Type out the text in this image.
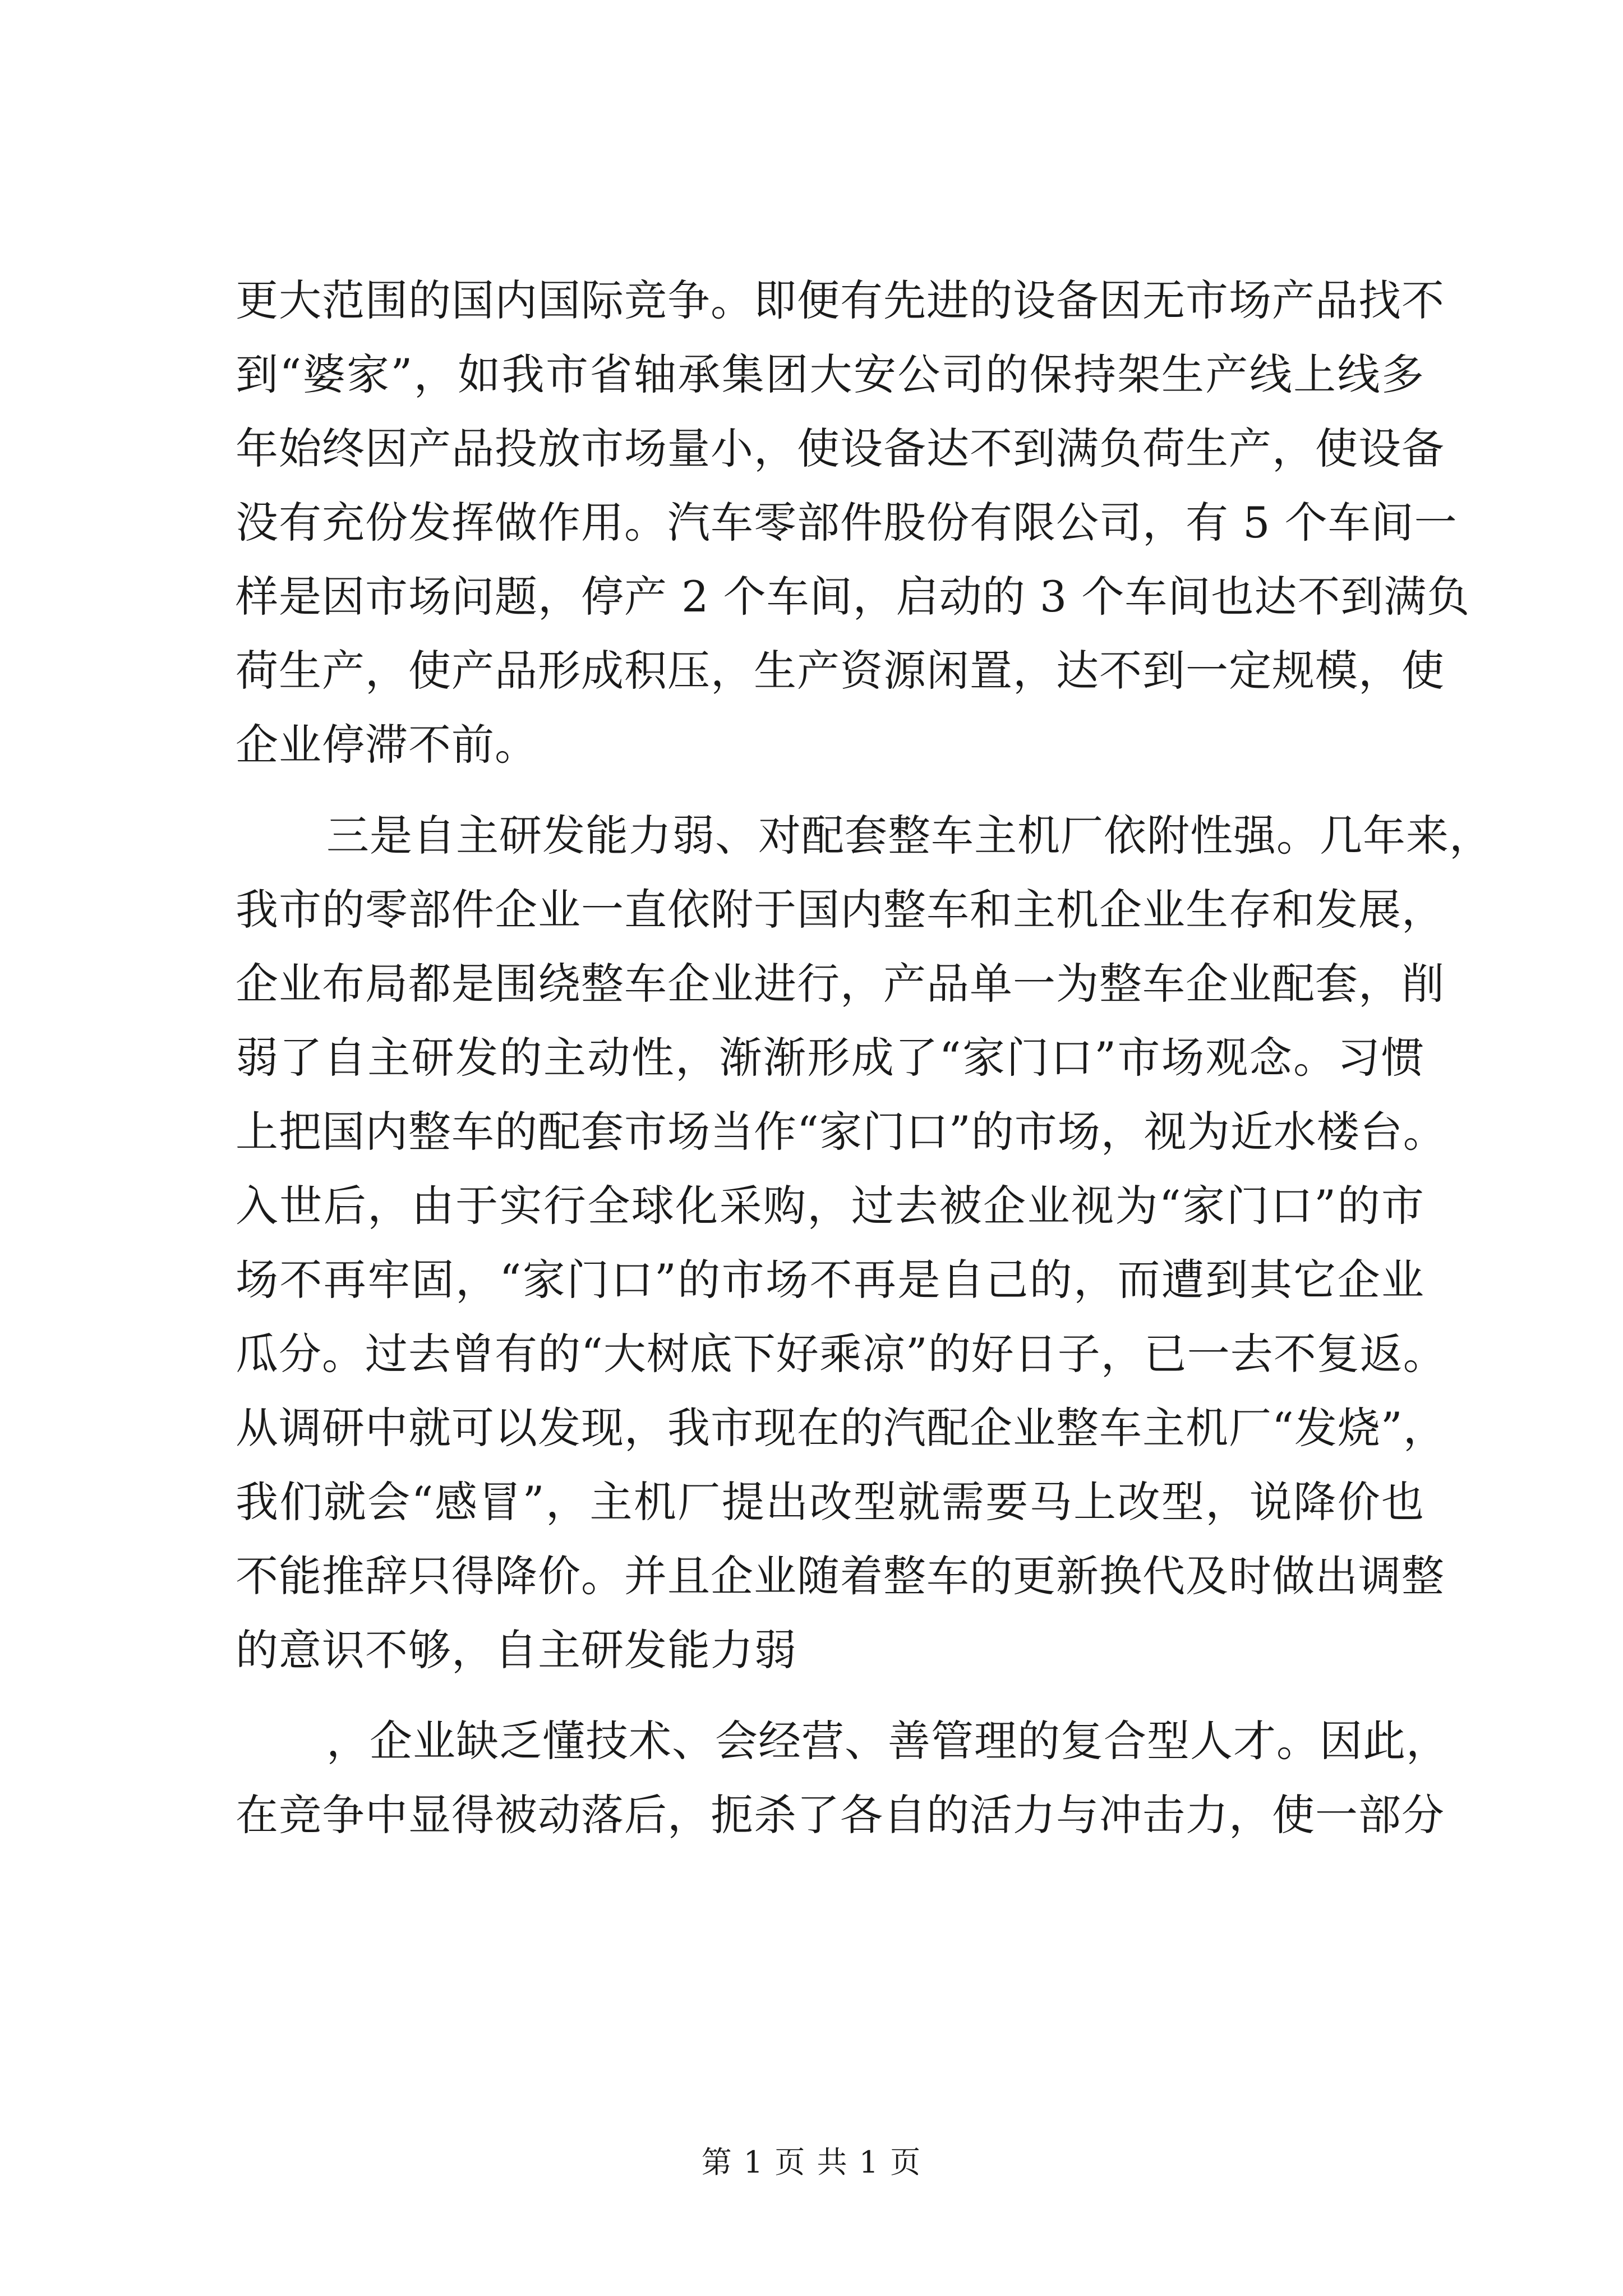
更大范围的国内国际竞争。即便有先进的设备因无市场产品找不
到“婆家”，如我市省轴承集团大安公司的保持架生产线上线多
年始终因产品投放市场量小，使设备达不到满负荷生产，使设备
没有充份发挥做作用。汽车零部件股份有限公司，有 5 个车间一
样是因市场问题，停产 2 个车间，启动的 3 个车间也达不到满负
荷生产，使产品形成积压，生产资源闲置，达不到一定规模，使
企业停滞不前。
三是自主研发能力弱、对配套整车主机厂依附性强。几年来，
我市的零部件企业一直依附于国内整车和主机企业生存和发展，
企业布局都是围绕整车企业进行，产品单一为整车企业配套，削
弱了自主研发的主动性，渐渐形成了“家门口”市场观念。习惯
上把国内整车的配套市场当作“家门口”的市场，视为近水楼台。
入世后，由于实行全球化采购，过去被企业视为“家门口”的市
场不再牢固，“家门口”的市场不再是自己的，而遭到其它企业
瓜分。过去曾有的“大树底下好乘凉”的好日子，已一去不复返。
从调研中就可以发现，我市现在的汽配企业整车主机厂“发烧”，
我们就会“感冒”，主机厂提出改型就需要马上改型，说降价也
不能推辞只得降价。并且企业随着整车的更新换代及时做出调整
的意识不够，自主研发能力弱
，企业缺乏懂技术、会经营、善管理的复合型人才。因此，
在竞争中显得被动落后，扼杀了各自的活力与冲击力，使一部分
第 1 页 共 1 页
